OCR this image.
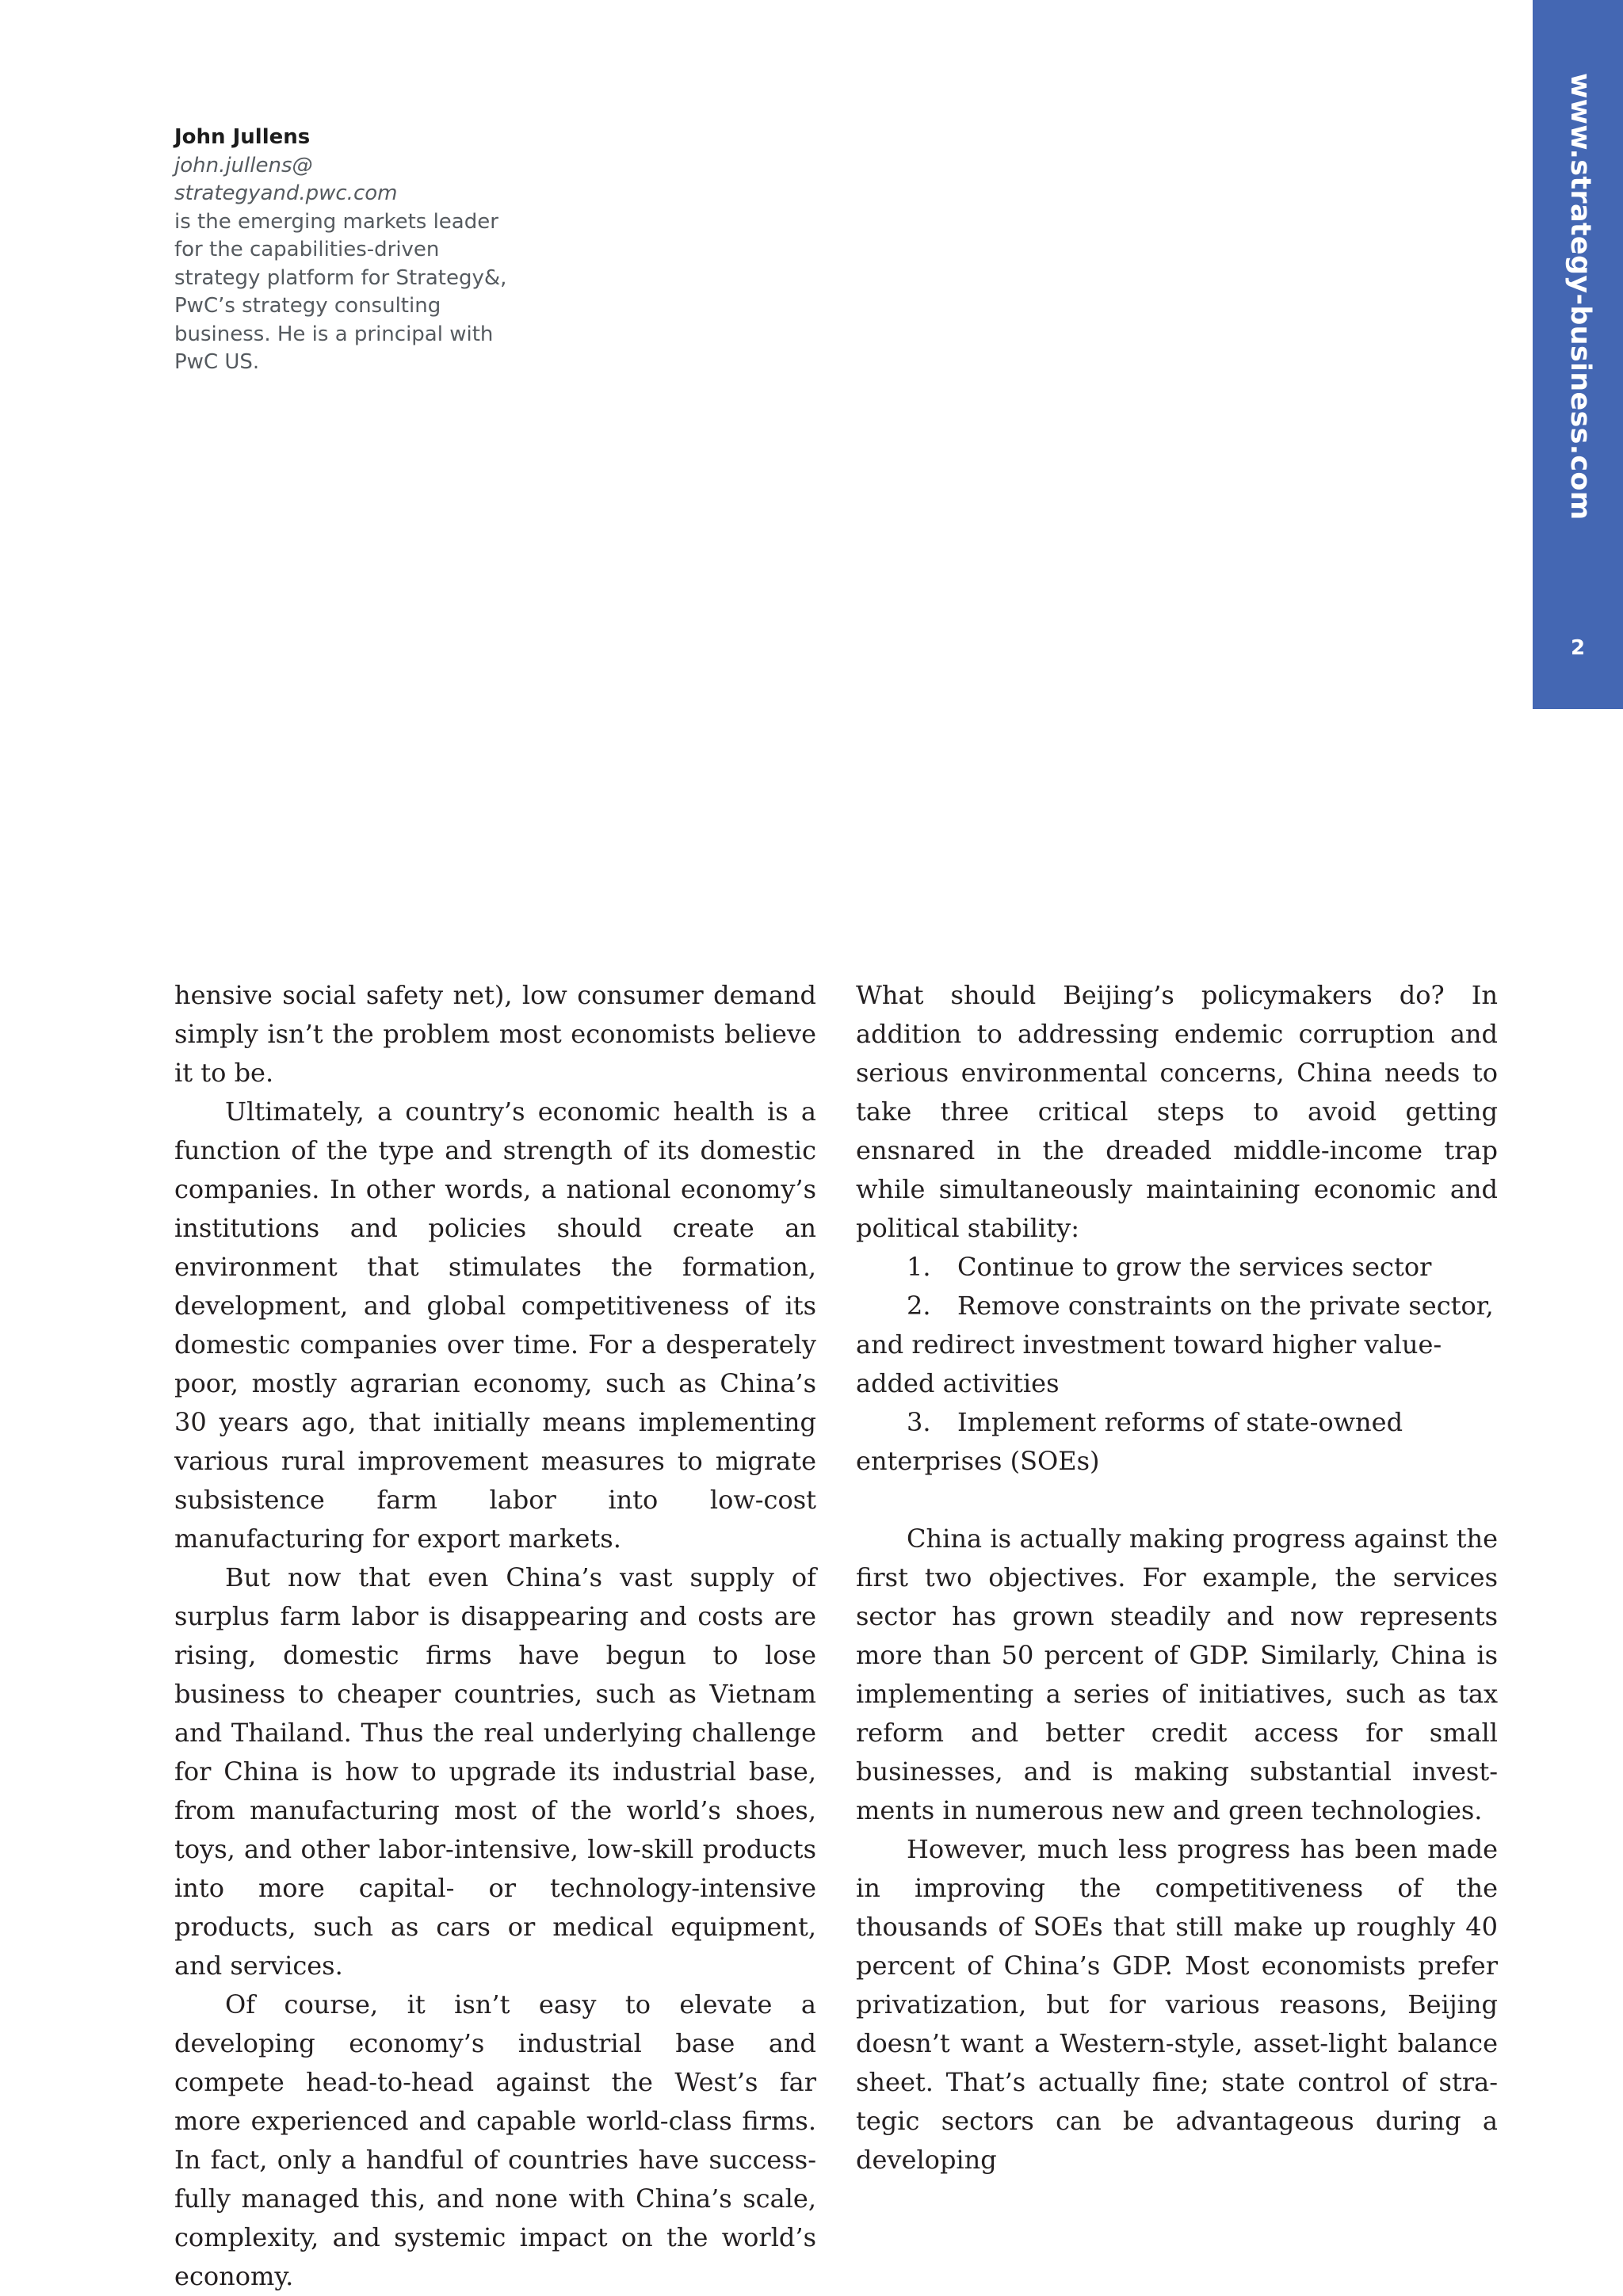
John Jullens
john.jullens@
strategyand.pwc.com
is the emerging markets leader for the capabilities-driven strategy platform for Strategy&, PwC’s strategy consulting business. He is a principal with PwC US.	www.strategy-business.com
2

hensive social safety net), low consumer demand simply isn’t the problem most economists believe it to be.

Ultimately, a country’s economic health is a function of the type and strength of its domestic companies. In other words, a national economy’s institutions and policies should create an environment that stimulates the formation, development, and global competitiveness of its domestic companies over time. For a desperately poor, mostly agrarian economy, such as China’s 30 years ago, that initially means implementing various rural improvement measures to migrate subsistence farm labor into low-cost manufacturing for export markets.

But now that even China’s vast supply of surplus farm labor is disappearing and costs are rising, domestic firms have begun to lose business to cheaper countries, such as Vietnam and Thailand. Thus the real underlying challenge for China is how to upgrade its industrial base, from manufacturing most of the world’s shoes, toys, and other labor-intensive, low-skill products into more capital- or technology-intensive products, such as cars or medical equipment, and services.

Of course, it isn’t easy to elevate a developing economy’s industrial base and compete head-to-head against the West’s far more experienced and capable world-class firms. In fact, only a handful of countries have successfully managed this, and none with China’s scale, complexity, and systemic impact on the world’s economy.

What should Beijing’s policymakers do? In addition to addressing endemic corruption and serious environmental concerns, China needs to take three critical steps to avoid getting ensnared in the dreaded middle-income trap while simultaneously maintaining economic and political stability:

1. Continue to grow the services sector
2. Remove constraints on the private sector, and redirect investment toward higher value-added activities
3. Implement reforms of state-owned enterprises (SOEs)

China is actually making progress against the first two objectives. For example, the services sector has grown steadily and now represents more than 50 percent of GDP. Similarly, China is implementing a series of initiatives, such as tax reform and better credit access for small businesses, and is making substantial investments in numerous new and green technologies.

However, much less progress has been made in improving the competitiveness of the thousands of SOEs that still make up roughly 40 percent of China’s GDP. Most economists prefer privatization, but for various reasons, Beijing doesn’t want a Western-style, asset-light balance sheet. That’s actually fine; state control of strategic sectors can be advantageous during a developing
